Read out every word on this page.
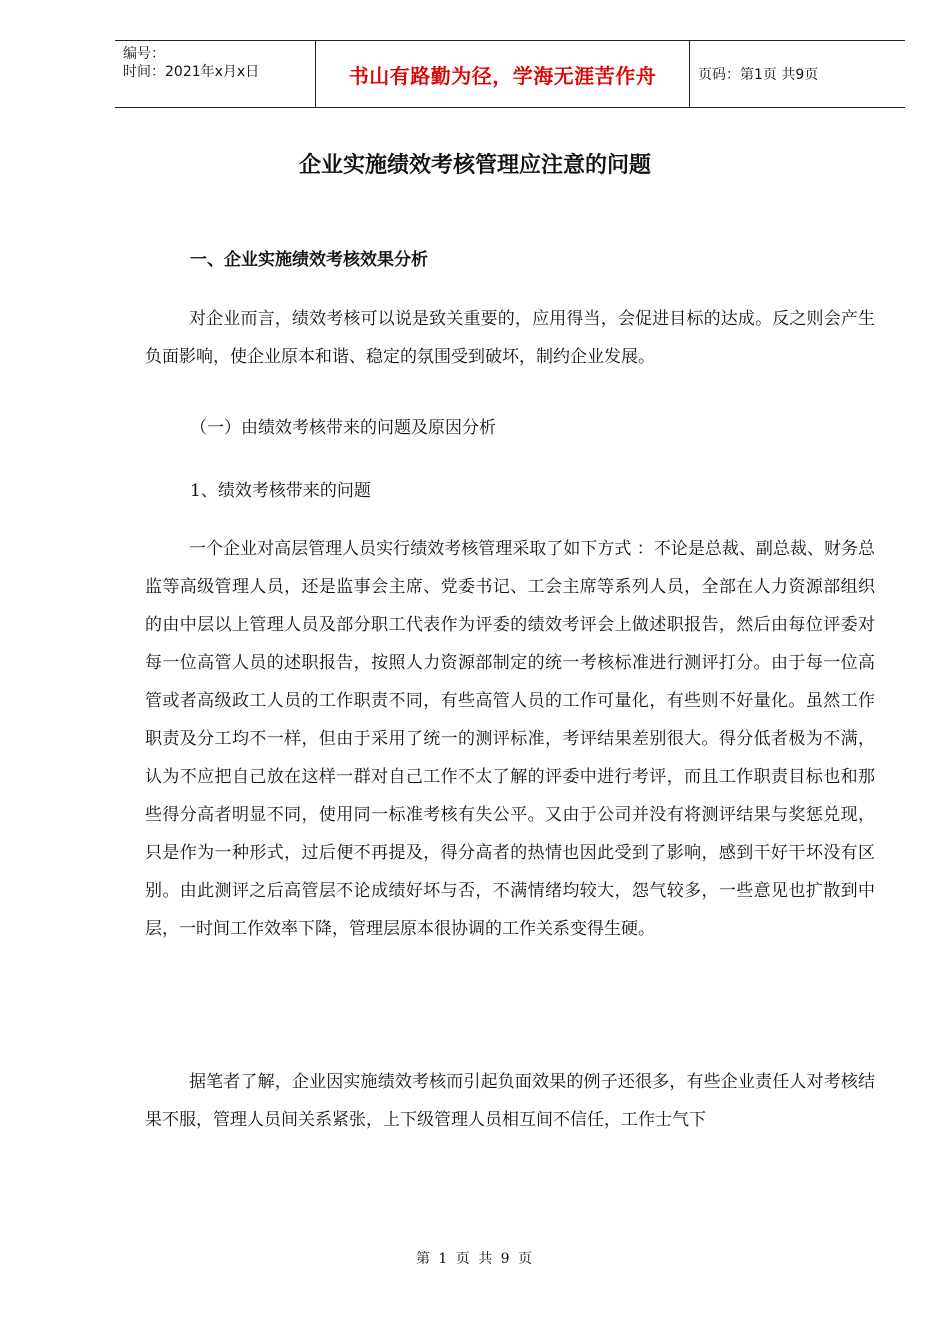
编号：
时间：2021年x月x日	书山有路勤为径，学海无涯苦作舟	页码：第1页 共9页
企业实施绩效考核管理应注意的问题
一、企业实施绩效考核效果分析

对企业而言，绩效考核可以说是致关重要的，应用得当，会促进目标的达成。反之则会产生负面影响，使企业原本和谐、稳定的氛围受到破坏，制约企业发展。

（一）由绩效考核带来的问题及原因分析
1、绩效考核带来的问题

一个企业对高层管理人员实行绩效考核管理采取了如下方式 ：不论是总裁、副总裁、财务总监等高级管理人员，还是监事会主席、党委书记、工会主席等系列人员，全部在人力资源部组织的由中层以上管理人员及部分职工代表作为评委的绩效考评会上做述职报告，然后由每位评委对每一位高管人员的述职报告，按照人力资源部制定的统一考核标准进行测评打分。由于每一位高管或者高级政工人员的工作职责不同，有些高管人员的工作可量化，有些则不好量化。虽然工作职责及分工均不一样，但由于采用了统一的测评标准，考评结果差别很大。得分低者极为不满，认为不应把自己放在这样一群对自己工作不太了解的评委中进行考评，而且工作职责目标也和那些得分高者明显不同，使用同一标准考核有失公平。又由于公司并没有将测评结果与奖惩兑现，只是作为一种形式，过后便不再提及，得分高者的热情也因此受到了影响，感到干好干坏没有区别。由此测评之后高管层不论成绩好坏与否，不满情绪均较大，怨气较多，一些意见也扩散到中层，一时间工作效率下降，管理层原本很协调的工作关系变得生硬。

据笔者了解，企业因实施绩效考核而引起负面效果的例子还很多，有些企业责任人对考核结果不服，管理人员间关系紧张，上下级管理人员相互间不信任，工作士气下

第 1 页 共 9 页
